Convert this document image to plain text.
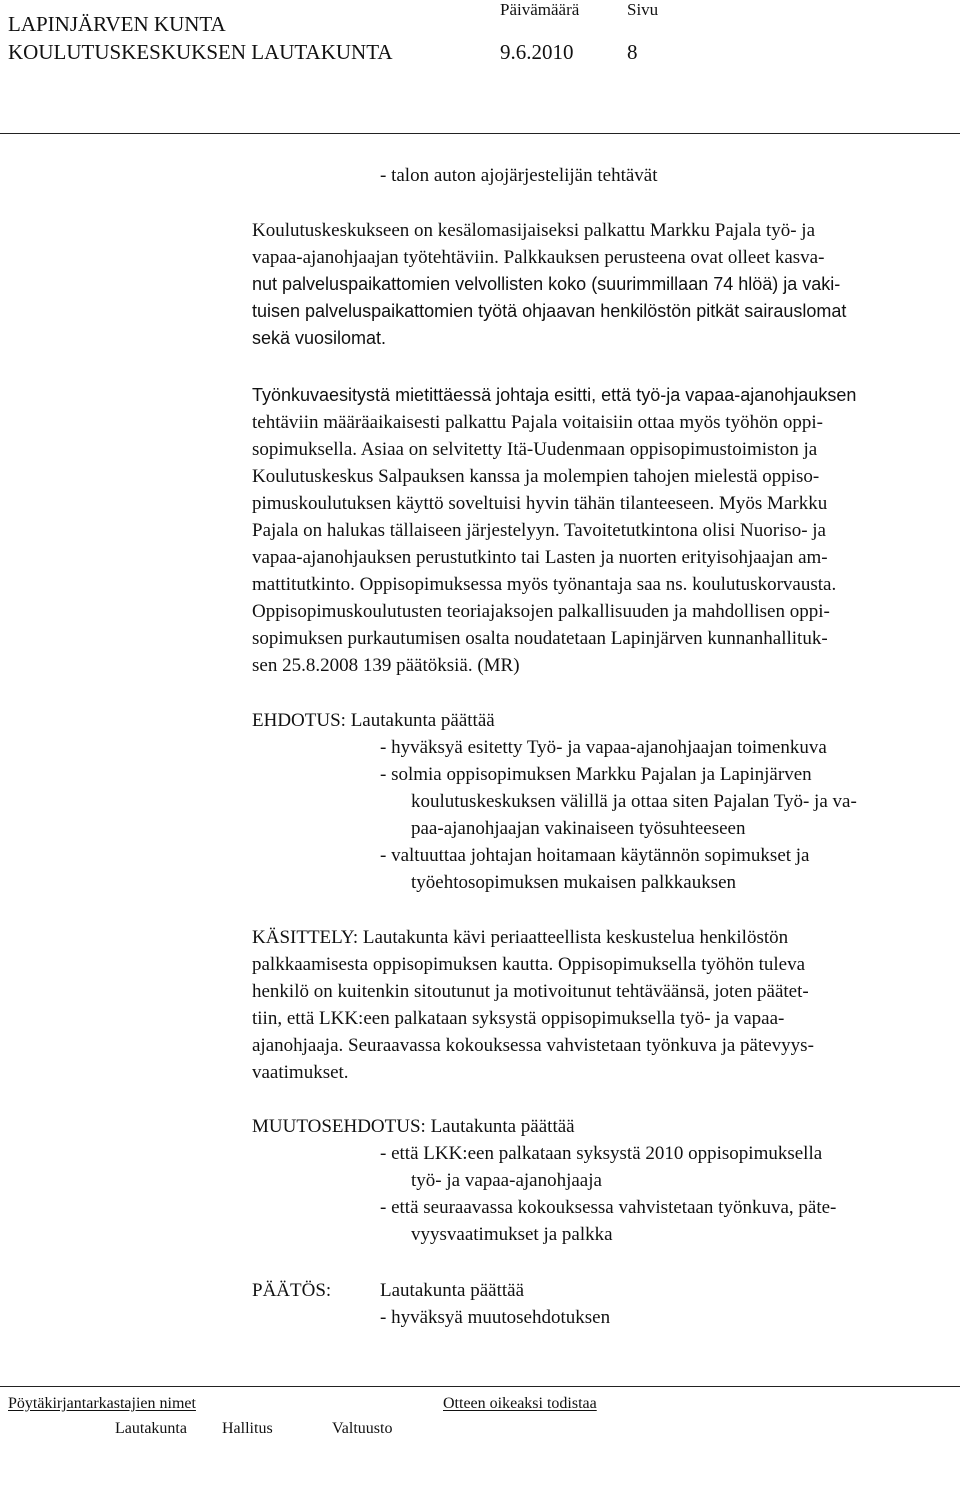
LAPINJÄRVEN KUNTA
Päivämäärä	Sivu
KOULUTUSKESKUKSEN LAUTAKUNTA	9.6.2010	8
- talon auton ajojärjestelijän tehtävät
Koulutuskeskukseen on kesälomasijaiseksi palkattu Markku Pajala työ- ja
vapaa-ajanohjaajan työtehtäviin. Palkkauksen perusteena ovat olleet kasva-
nut palveluspaikattomien velvollisten koko (suurimmillaan 74 hlöä) ja vaki-
tuisen palveluspaikattomien työtä ohjaavan henkilöstön pitkät sairauslomat
sekä vuosilomat.
Työnkuvaesitystä mietittäessä johtaja esitti, että työ-ja vapaa-ajanohjauksen
tehtäviin määräaikaisesti palkattu Pajala voitaisiin ottaa myös työhön oppi-
sopimuksella. Asiaa on selvitetty Itä-Uudenmaan oppisopimustoimiston ja
Koulutuskeskus Salpauksen kanssa ja molempien tahojen mielestä oppiso-
pimuskoulutuksen käyttö soveltuisi hyvin tähän tilanteeseen. Myös Markku
Pajala on halukas tällaiseen järjestelyyn. Tavoitetutkintona olisi Nuoriso- ja
vapaa-ajanohjauksen perustutkinto tai Lasten ja nuorten erityisohjaajan am-
mattitutkinto. Oppisopimuksessa myös työnantaja saa ns. koulutuskorvausta.
Oppisopimuskoulutusten teoriajaksojen palkallisuuden ja mahdollisen oppi-
sopimuksen purkautumisen osalta noudatetaan Lapinjärven kunnanhallituk-
sen 25.8.2008 139 päätöksiä. (MR)
EHDOTUS: Lautakunta päättää
- hyväksyä esitetty Työ- ja vapaa-ajanohjaajan toimenkuva
- solmia oppisopimuksen Markku Pajalan ja Lapinjärven
koulutuskeskuksen välillä ja ottaa siten Pajalan Työ- ja va-
paa-ajanohjaajan vakinaiseen työsuhteeseen
- valtuuttaa johtajan hoitamaan käytännön sopimukset ja
työehtosopimuksen mukaisen palkkauksen
KÄSITTELY: Lautakunta kävi periaatteellista keskustelua henkilöstön
palkkaamisesta oppisopimuksen kautta. Oppisopimuksella työhön tuleva
henkilö on kuitenkin sitoutunut ja motivoitunut tehtäväänsä, joten päätet-
tiin, että LKK:een palkataan syksystä oppisopimuksella työ- ja vapaa-
ajanohjaaja. Seuraavassa kokouksessa vahvistetaan työnkuva ja pätevyys-
vaatimukset.
MUUTOSEHDOTUS: Lautakunta päättää
- että LKK:een palkataan syksystä 2010 oppisopimuksella
työ- ja vapaa-ajanohjaaja
- että seuraavassa kokouksessa vahvistetaan työnkuva, päte-
vyysvaatimukset ja palkka
PÄÄTÖS:	Lautakunta päättää
- hyväksyä muutosehdotuksen
Pöytäkirjantarkastajien nimet	Otteen oikeaksi todistaa
Lautakunta Hallitus	Valtuusto
